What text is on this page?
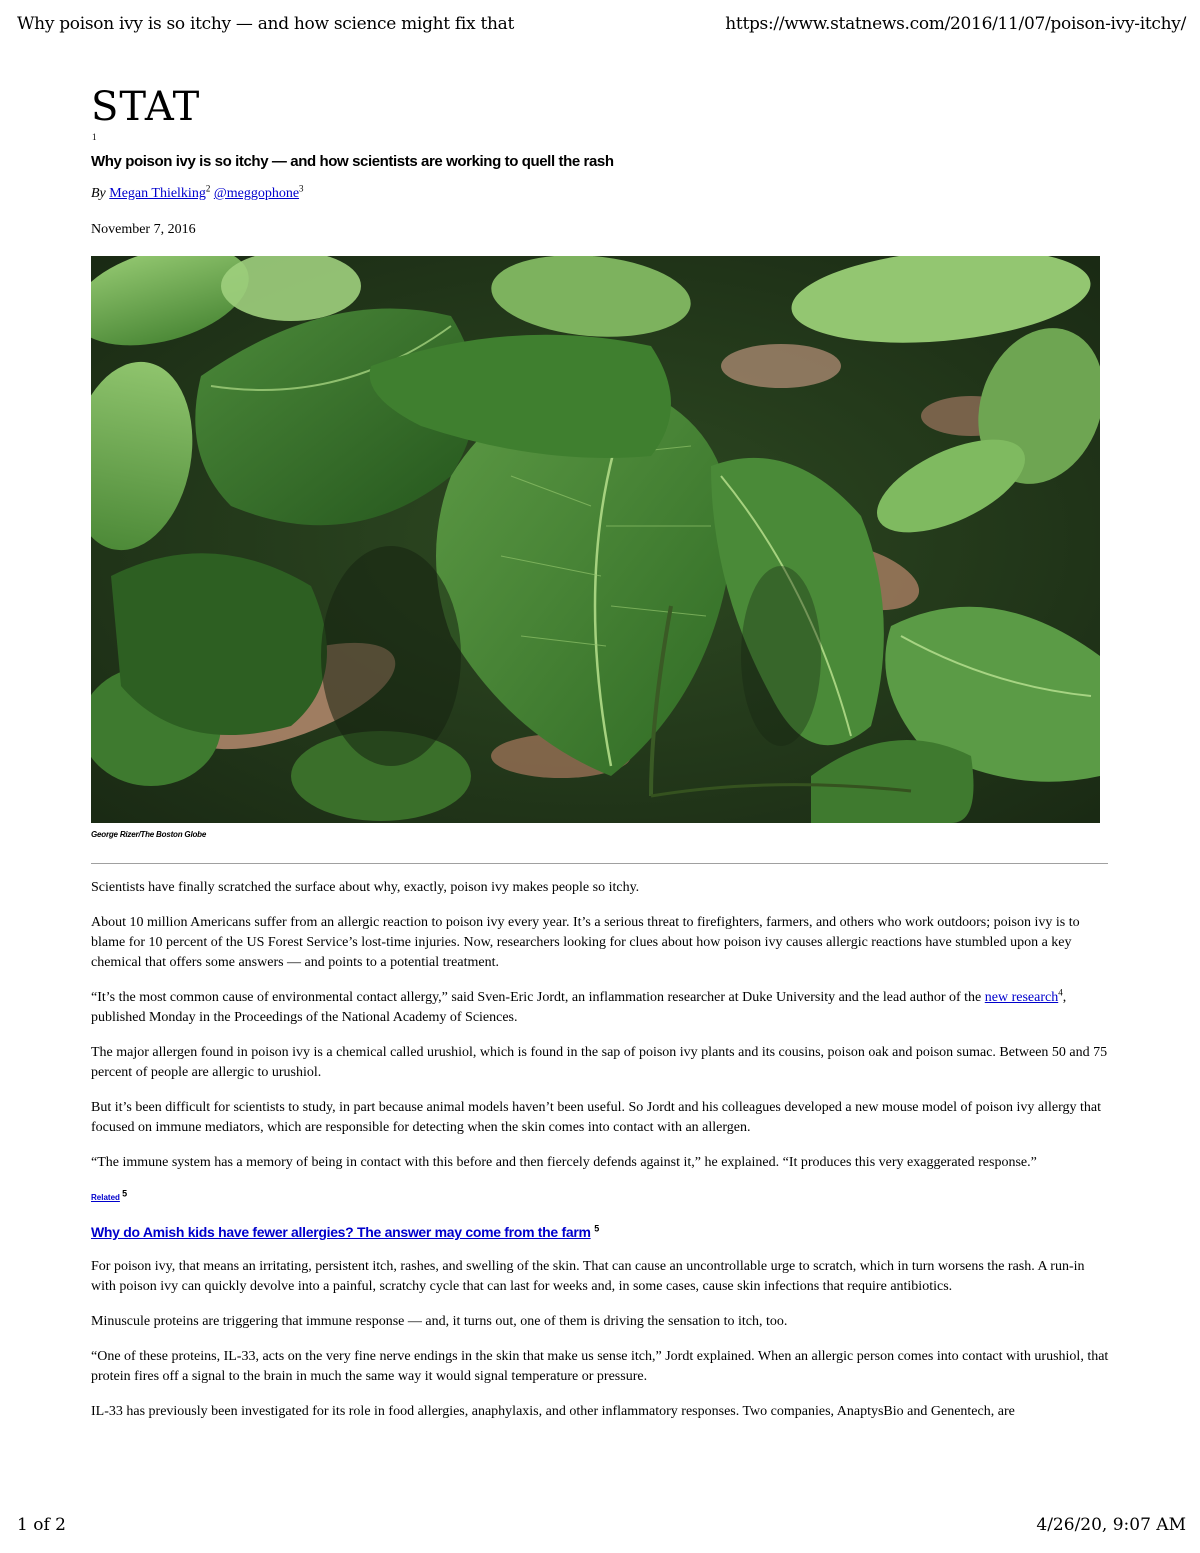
Why poison ivy is so itchy — and how science might fix that	https://www.statnews.com/2016/11/07/poison-ivy-itchy/
STAT
1
Why poison ivy is so itchy — and how scientists are working to quell the rash
By Megan Thielking$^2$ @meggophone$^3$
November 7, 2016
George Rizer/The Boston Globe

Scientists have finally scratched the surface about why, exactly, poison ivy makes people so itchy.

About 10 million Americans suffer from an allergic reaction to poison ivy every year. It’s a serious threat to firefighters, farmers, and others who work outdoors; poison ivy is to blame for 10 percent of the US Forest Service’s lost-time injuries. Now, researchers looking for clues about how poison ivy causes allergic reactions have stumbled upon a key chemical that offers some answers — and points to a potential treatment.

“It’s the most common cause of environmental contact allergy,” said Sven-Eric Jordt, an inflammation researcher at Duke University and the lead author of the new research$^4$, published Monday in the Proceedings of the National Academy of Sciences.

The major allergen found in poison ivy is a chemical called urushiol, which is found in the sap of poison ivy plants and its cousins, poison oak and poison sumac. Between 50 and 75 percent of people are allergic to urushiol.

But it’s been difficult for scientists to study, in part because animal models haven’t been useful. So Jordt and his colleagues developed a new mouse model of poison ivy allergy that focused on immune mediators, which are responsible for detecting when the skin comes into contact with an allergen.

“The immune system has a memory of being in contact with this before and then fiercely defends against it,” he explained. “It produces this very exaggerated response.”

Related $^5$
Why do Amish kids have fewer allergies? The answer may come from the farm $^5$

For poison ivy, that means an irritating, persistent itch, rashes, and swelling of the skin. That can cause an uncontrollable urge to scratch, which in turn worsens the rash. A run-in with poison ivy can quickly devolve into a painful, scratchy cycle that can last for weeks and, in some cases, cause skin infections that require antibiotics.

Minuscule proteins are triggering that immune response — and, it turns out, one of them is driving the sensation to itch, too.

“One of these proteins, IL-33, acts on the very fine nerve endings in the skin that make us sense itch,” Jordt explained. When an allergic person comes into contact with urushiol, that protein fires off a signal to the brain in much the same way it would signal temperature or pressure.

IL-33 has previously been investigated for its role in food allergies, anaphylaxis, and other inflammatory responses. Two companies, AnaptysBio and Genentech, are

1 of 2	4/26/20, 9:07 AM
